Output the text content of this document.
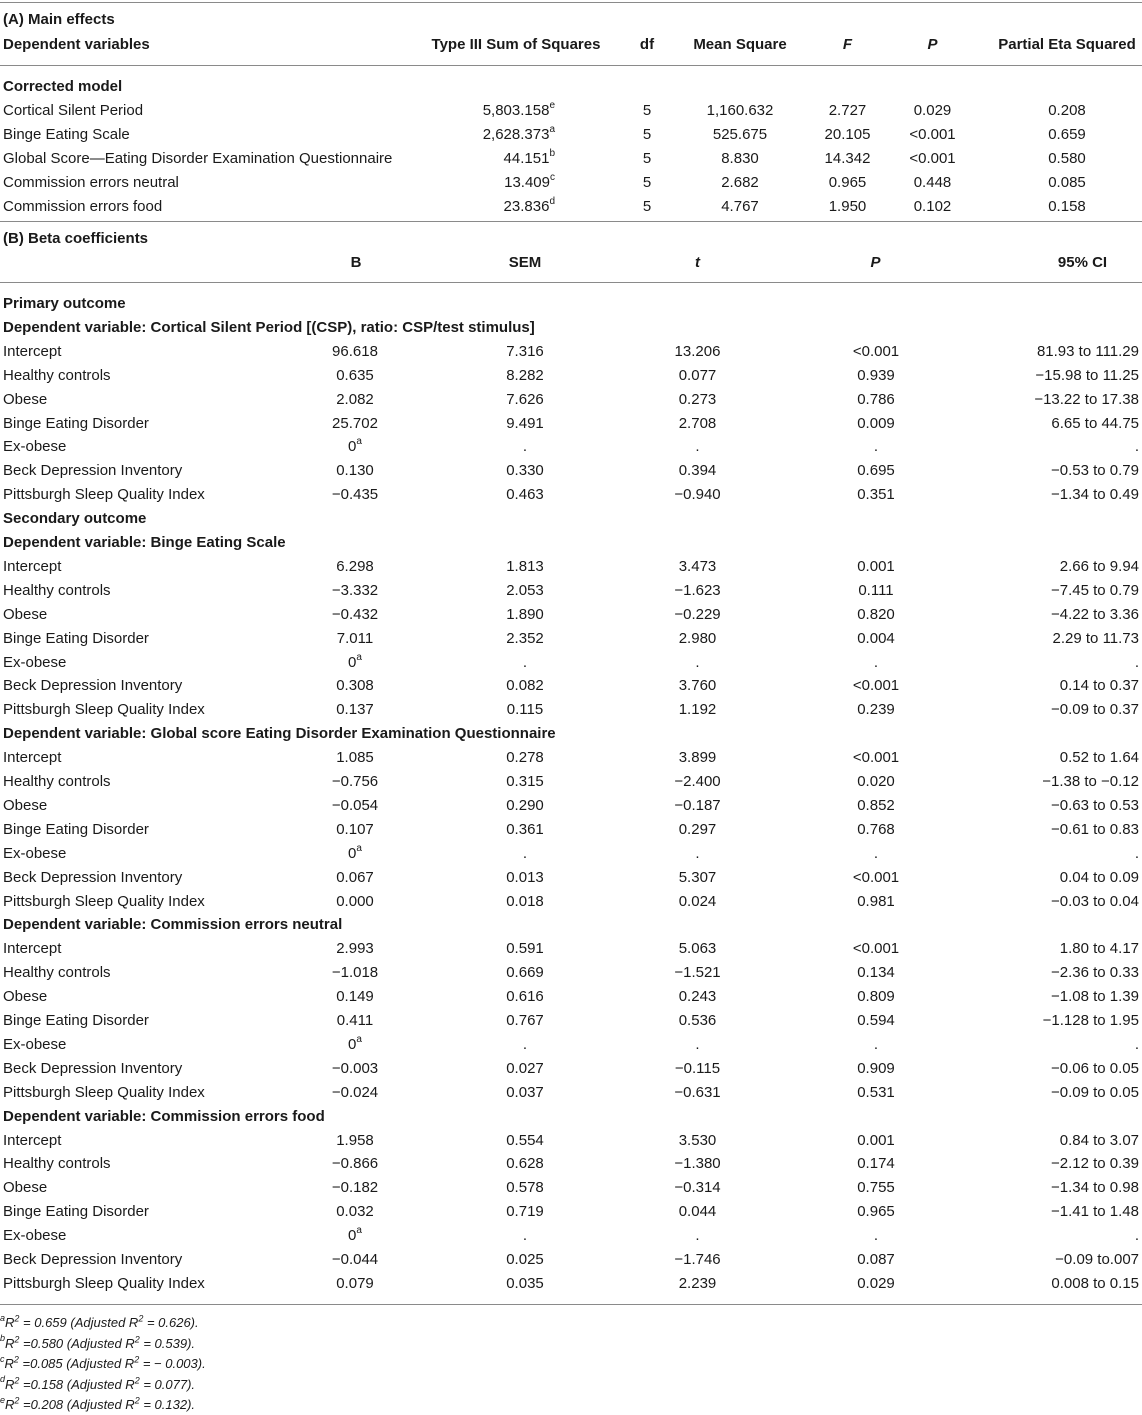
(A) Main effects
Dependent variables	Type III Sum of Squares	df	Mean Square	F	P	Partial Eta Squared
Corrected model
Cortical Silent Period	5,803.158e	5	1,160.632	2.727	0.029	0.208
Binge Eating Scale	2,628.373$^a$	5	525.675	20.105	<0.001	0.659
Global Score—Eating Disorder Examination Questionnaire	44.151$^b$	5	8.830	14.342	<0.001	0.580
Commission errors neutral	13.409$^c$	5	2.682	0.965	0.448	0.085
Commission errors food	23.836$^d$	5	4.767	1.950	0.102	0.158
(B) Beta coefficients
B	SEM	t	P	95% CI
Primary outcome
Dependent variable: Cortical Silent Period [(CSP), ratio: CSP/test stimulus]
Intercept	96.618	7.316	13.206	<0.001	81.93 to 111.29
Healthy controls	0.635	8.282	0.077	0.939	−15.98 to 11.25
Obese	2.082	7.626	0.273	0.786	−13.22 to 17.38
Binge Eating Disorder	25.702	9.491	2.708	0.009	6.65 to 44.75
Ex-obese	0$^a$	.	.	.	.
Beck Depression Inventory	0.130	0.330	0.394	0.695	−0.53 to 0.79
Pittsburgh Sleep Quality Index	−0.435	0.463	−0.940	0.351	−1.34 to 0.49
Secondary outcome
Dependent variable: Binge Eating Scale
Intercept	6.298	1.813	3.473	0.001	2.66 to 9.94
Healthy controls	−3.332	2.053	−1.623	0.111	−7.45 to 0.79
Obese	−0.432	1.890	−0.229	0.820	−4.22 to 3.36
Binge Eating Disorder	7.011	2.352	2.980	0.004	2.29 to 11.73
Ex-obese	0$^a$	.	.	.	.
Beck Depression Inventory	0.308	0.082	3.760	<0.001	0.14 to 0.37
Pittsburgh Sleep Quality Index	0.137	0.115	1.192	0.239	−0.09 to 0.37
Dependent variable: Global score Eating Disorder Examination Questionnaire
Intercept	1.085	0.278	3.899	<0.001	0.52 to 1.64
Healthy controls	−0.756	0.315	−2.400	0.020	−1.38 to −0.12
Obese	−0.054	0.290	−0.187	0.852	−0.63 to 0.53
Binge Eating Disorder	0.107	0.361	0.297	0.768	−0.61 to 0.83
Ex-obese	0$^a$	.	.	.	.
Beck Depression Inventory	0.067	0.013	5.307	<0.001	0.04 to 0.09
Pittsburgh Sleep Quality Index	0.000	0.018	0.024	0.981	−0.03 to 0.04
Dependent variable: Commission errors neutral
Intercept	2.993	0.591	5.063	<0.001	1.80 to 4.17
Healthy controls	−1.018	0.669	−1.521	0.134	−2.36 to 0.33
Obese	0.149	0.616	0.243	0.809	−1.08 to 1.39
Binge Eating Disorder	0.411	0.767	0.536	0.594	−1.128 to 1.95
Ex-obese	0$^a$	.	.	.	.
Beck Depression Inventory	−0.003	0.027	−0.115	0.909	−0.06 to 0.05
Pittsburgh Sleep Quality Index	−0.024	0.037	−0.631	0.531	−0.09 to 0.05
Dependent variable: Commission errors food
Intercept	1.958	0.554	3.530	0.001	0.84 to 3.07
Healthy controls	−0.866	0.628	−1.380	0.174	−2.12 to 0.39
Obese	−0.182	0.578	−0.314	0.755	−1.34 to 0.98
Binge Eating Disorder	0.032	0.719	0.044	0.965	−1.41 to 1.48
Ex-obese	0$^a$	.	.	.	.
Beck Depression Inventory	−0.044	0.025	−1.746	0.087	−0.09 to.007
Pittsburgh Sleep Quality Index	0.079	0.035	2.239	0.029	0.008 to 0.15
$^aR^2 = 0.659$ (Adjusted $R^2 = 0.626$).
$^bR^2 =0.580$ (Adjusted $R^2 = 0.539$).
$^cR^2 =0.085$ (Adjusted $R^2$ = − 0.003).
$^dR^2 =0.158$ (Adjusted $R^2 = 0.077$).
$^eR^2 =0.208$ (Adjusted $R^2 = 0.132$).
